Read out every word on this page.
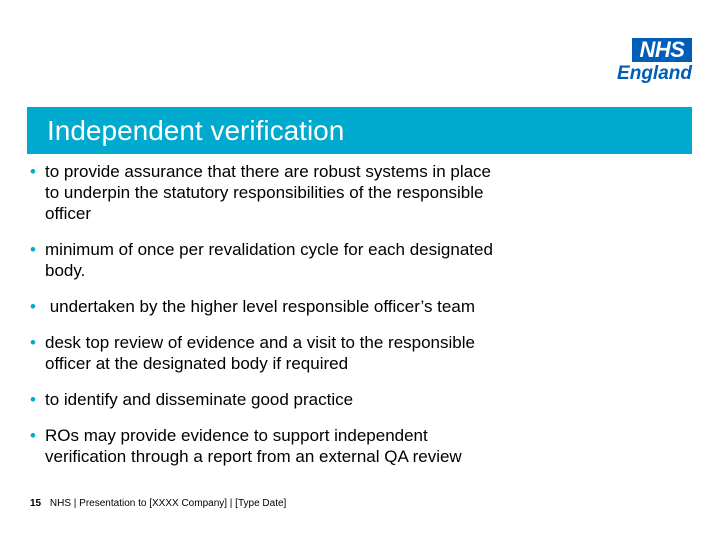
NHS
England
Independent verification
• to provide assurance that there are robust systems in place
to underpin the statutory responsibilities of the responsible
officer
• minimum of once per revalidation cycle for each designated
body.
• undertaken by the higher level responsible officer’s team
• desk top review of evidence and a visit to the responsible
officer at the designated body if required
• to identify and disseminate good practice
• ROs may provide evidence to support independent
verification through a report from an external QA review
15 NHS | Presentation to [XXXX Company] | [Type Date]
